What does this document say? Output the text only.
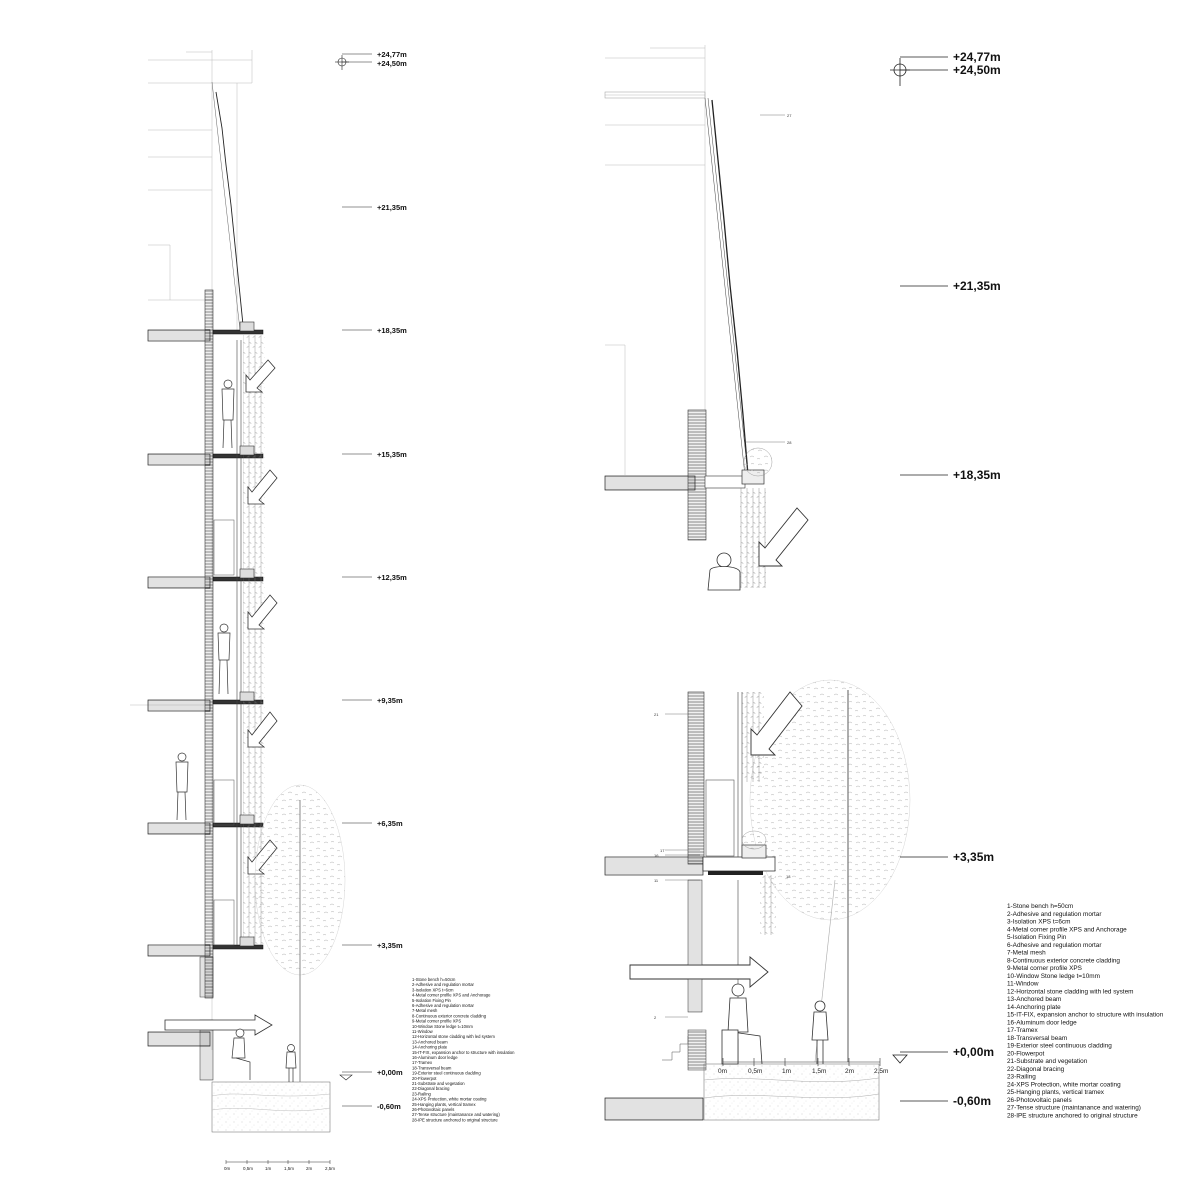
+24,77m
+24,50m
+21,35m
+18,35m
+15,35m
+12,35m
+9,35m
+6,35m
+3,35m
+0,00m
-0,60m
0m	0,5m	1m	1,5m	2m	2,5m
1-Stone bench h=50cm
2-Adhesive and regulation mortar
3-Isolation XPS t=6cm
4-Metal corner profile XPS and Anchorage
5-Isolation Fixing Pin
6-Adhesive and regulation mortar
7-Metal mesh
8-Continuous exterior concrete cladding
9-Metal corner profile XPS
10-Window Stone ledge t=10mm
11-Window
12-Horizontal stone cladding with led system
13-Anchored beam
14-Anchoring plate
15-IT-FIX, expansion anchor to structure with insulation
16-Aluminum door ledge
17-Tramex
18-Transversal beam
19-Exterior steel continuous cladding
20-Flowerpot
21-Substrate and vegetation
22-Diagonal bracing
23-Railing
24-XPS Protection, white mortar coating
25-Hanging plants, vertical tramex
26-Photovoltaic panels
27-Tense structure (maintanance and watering)
28-IPE structure anchored to original structure
27
28
+24,77m
+24,50m
+21,35m
+18,35m
21
17
16
18
11
2
+3,35m
+0,00m
-0,60m
0m	0,5m	1m	1,5m	2m	2,5m
1-Stone bench h=50cm
2-Adhesive and regulation mortar
3-Isolation XPS t=6cm
4-Metal corner profile XPS and Anchorage
5-Isolation Fixing Pin
6-Adhesive and regulation mortar
7-Metal mesh
8-Continuous exterior concrete cladding
9-Metal corner profile XPS
10-Window Stone ledge t=10mm
11-Window
12-Horizontal stone cladding with led system
13-Anchored beam
14-Anchoring plate
15-IT-FIX, expansion anchor to structure with insulation
16-Aluminum door ledge
17-Tramex
18-Transversal beam
19-Exterior steel continuous cladding
20-Flowerpot
21-Substrate and vegetation
22-Diagonal bracing
23-Railing
24-XPS Protection, white mortar coating
25-Hanging plants, vertical tramex
26-Photovoltaic panels
27-Tense structure (maintanance and watering)
28-IPE structure anchored to original structure
